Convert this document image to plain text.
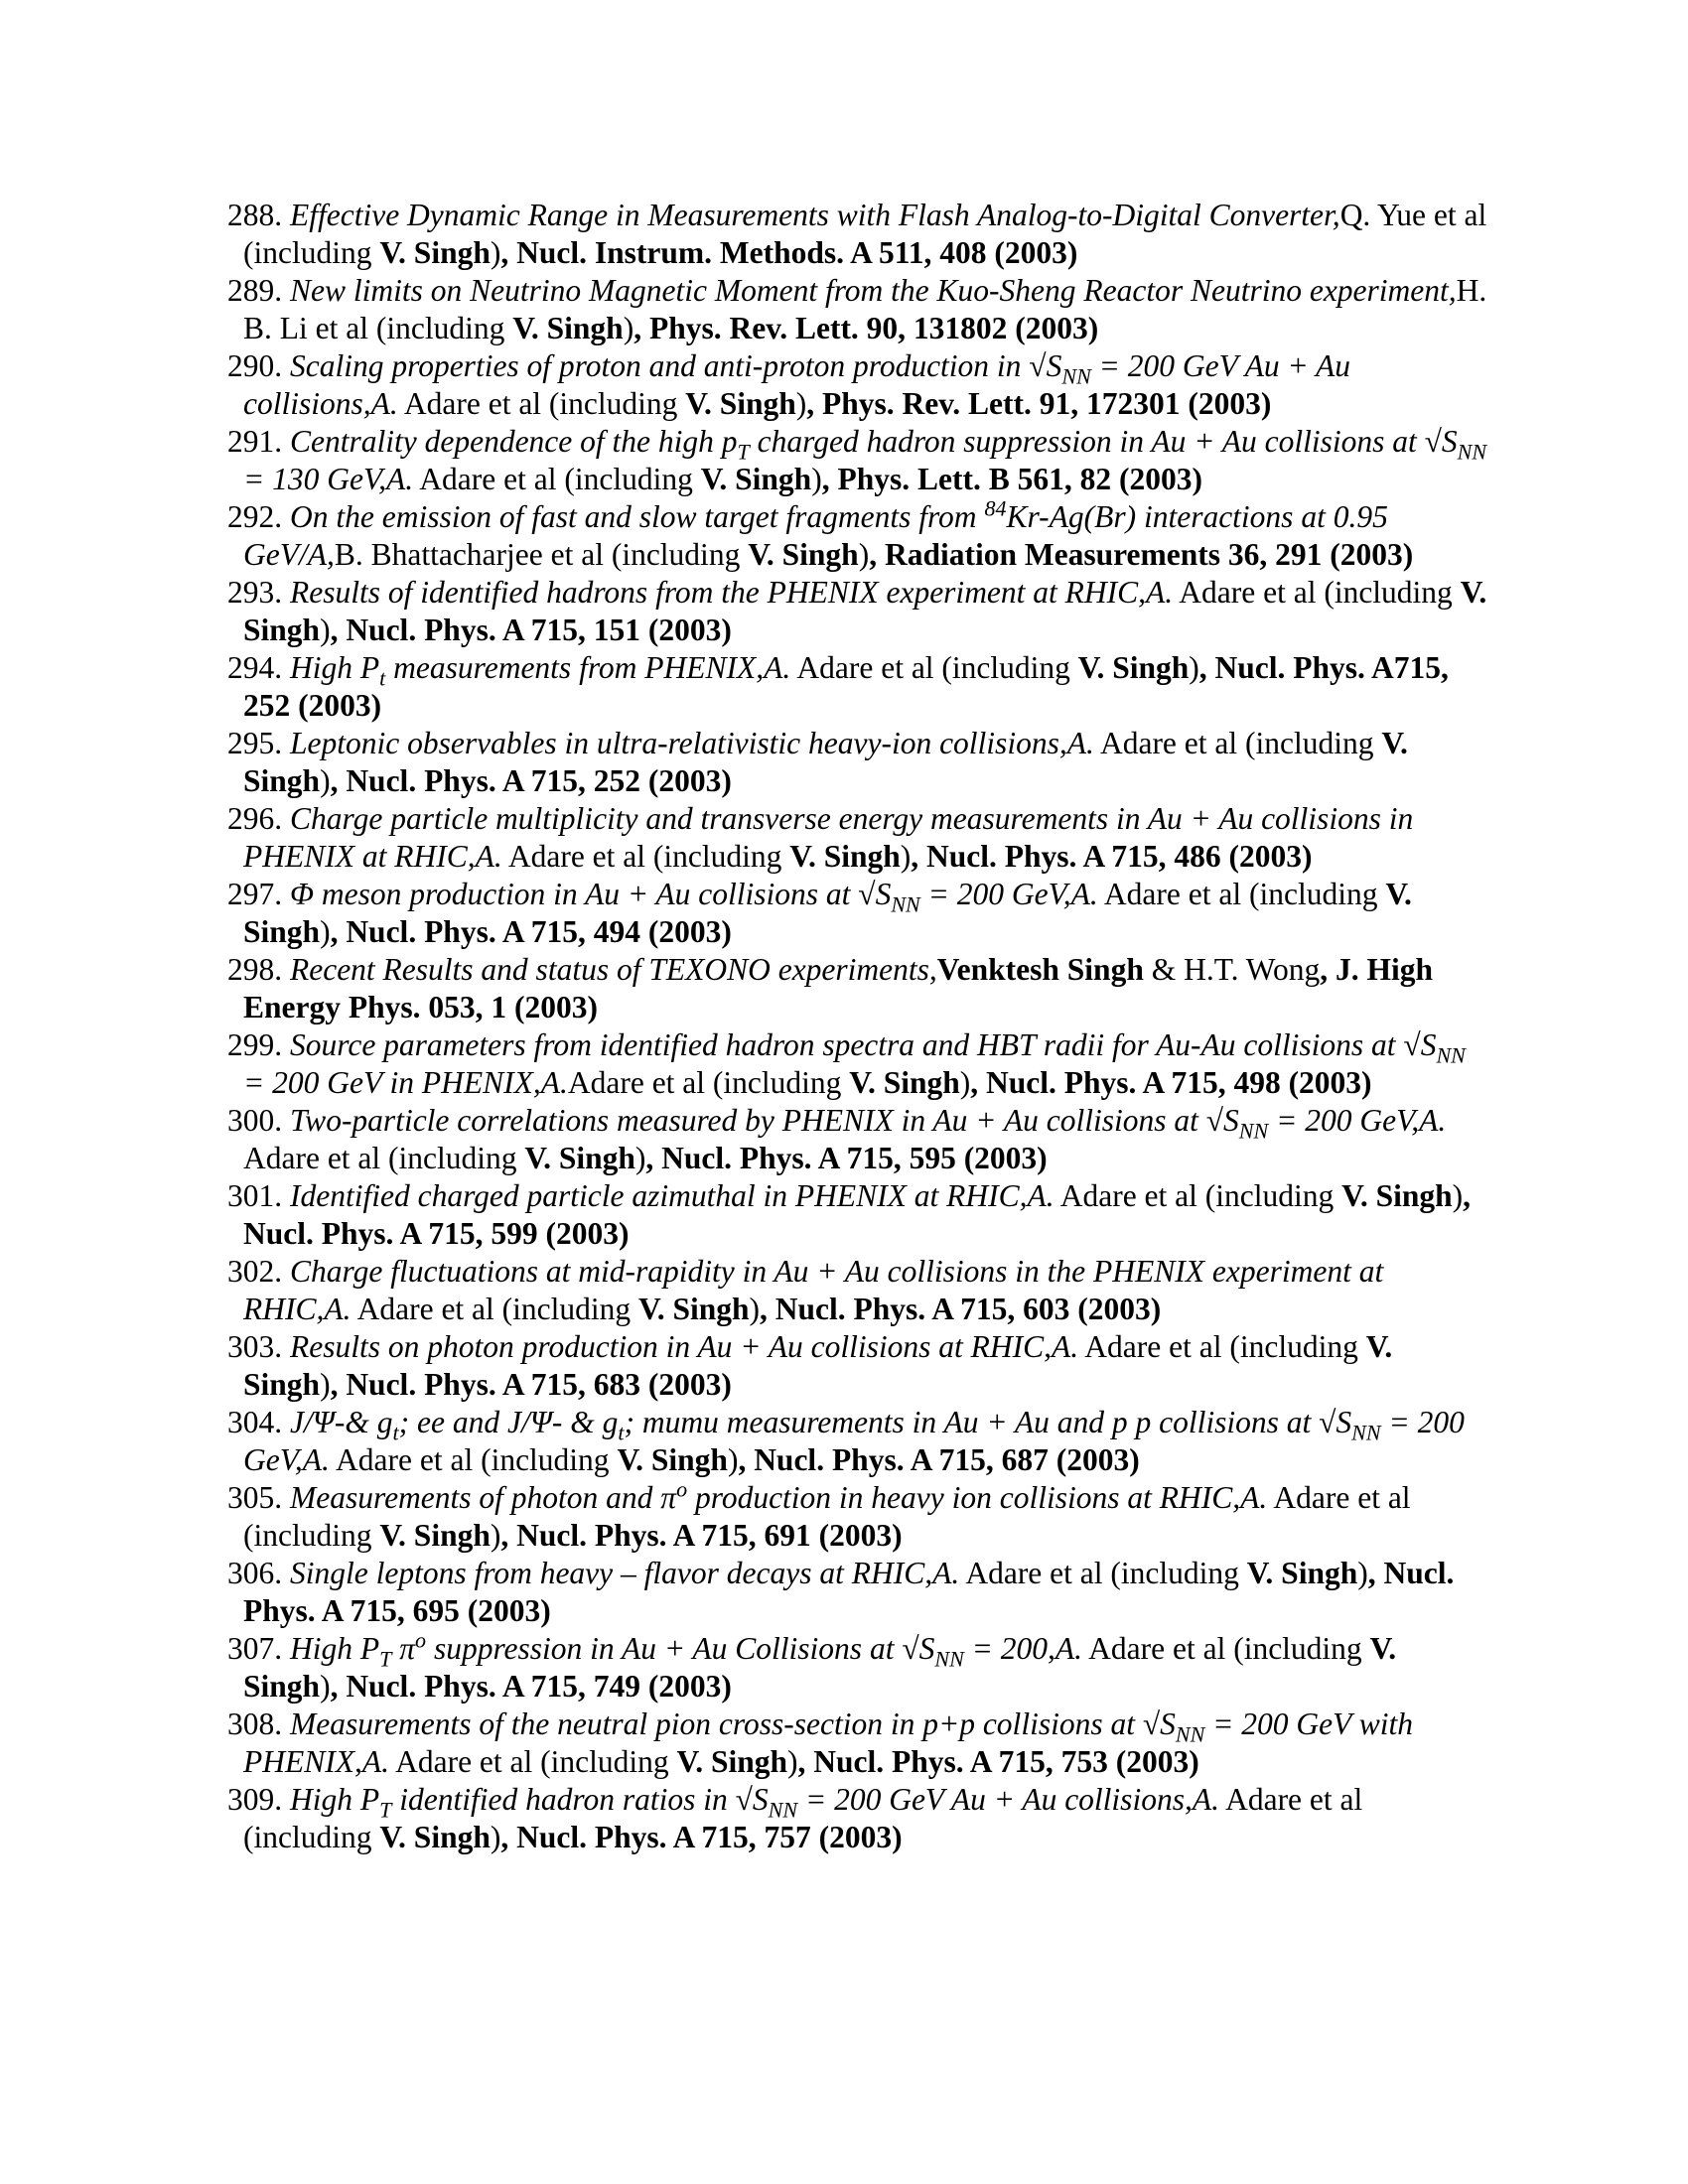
288. Effective Dynamic Range in Measurements with Flash Analog-to-Digital Converter,Q. Yue et al (including V. Singh), Nucl. Instrum. Methods. A 511, 408 (2003)

289. New limits on Neutrino Magnetic Moment from the Kuo-Sheng Reactor Neutrino experiment,H. B. Li et al (including V. Singh), Phys. Rev. Lett. 90, 131802 (2003)

290. Scaling properties of proton and anti-proton production in $√S_{NN} = 200$ GeV Au + Au collisions,A. Adare et al (including V. Singh), Phys. Rev. Lett. 91, 172301 (2003)

291. Centrality dependence of the high $p_T$ charged hadron suppression in Au + Au collisions at $√S_{NN} = 130$ GeV,A. Adare et al (including V. Singh), Phys. Lett. B 561, 82 (2003)

292. On the emission of fast and slow target fragments from $^{84}$Kr-Ag(Br) interactions at 0.95 GeV/A,B. Bhattacharjee et al (including V. Singh), Radiation Measurements 36, 291 (2003)

293. Results of identified hadrons from the PHENIX experiment at RHIC,A. Adare et al (including V. Singh), Nucl. Phys. A 715, 151 (2003)

294. High $P_t$ measurements from PHENIX,A. Adare et al (including V. Singh), Nucl. Phys. A715, 252 (2003)

295. Leptonic observables in ultra-relativistic heavy-ion collisions,A. Adare et al (including V. Singh), Nucl. Phys. A 715, 252 (2003)

296. Charge particle multiplicity and transverse energy measurements in Au + Au collisions in PHENIX at RHIC,A. Adare et al (including V. Singh), Nucl. Phys. A 715, 486 (2003)

297. Φ meson production in Au + Au collisions at $√S_{NN} = 200$ GeV,A. Adare et al (including V. Singh), Nucl. Phys. A 715, 494 (2003)

298. Recent Results and status of TEXONO experiments,Venktesh Singh & H.T. Wong, J. High Energy Phys. 053, 1 (2003)

299. Source parameters from identified hadron spectra and HBT radii for Au-Au collisions at $√S_{NN} = 200$ GeV in PHENIX,A.Adare et al (including V. Singh), Nucl. Phys. A 715, 498 (2003)

300. Two-particle correlations measured by PHENIX in Au + Au collisions at $√S_{NN} = 200$ GeV,A. Adare et al (including V. Singh), Nucl. Phys. A 715, 595 (2003)

301. Identified charged particle azimuthal in PHENIX at RHIC,A. Adare et al (including V. Singh), Nucl. Phys. A 715, 599 (2003)

302. Charge fluctuations at mid-rapidity in Au + Au collisions in the PHENIX experiment at RHIC,A. Adare et al (including V. Singh), Nucl. Phys. A 715, 603 (2003)

303. Results on photon production in Au + Au collisions at RHIC,A. Adare et al (including V. Singh), Nucl. Phys. A 715, 683 (2003)

304. J/Ψ-& $g_t$; ee and J/Ψ- & $g_t$; mumu measurements in Au + Au and p p collisions at $√S_{NN} = 200$ GeV,A. Adare et al (including V. Singh), Nucl. Phys. A 715, 687 (2003)

305. Measurements of photon and $\pi^o$ production in heavy ion collisions at RHIC,A. Adare et al (including V. Singh), Nucl. Phys. A 715, 691 (2003)

306. Single leptons from heavy – flavor decays at RHIC,A. Adare et al (including V. Singh), Nucl. Phys. A 715, 695 (2003)

307. High $P_T$ $\pi^o$ suppression in Au + Au Collisions at $√S_{NN} = 200,A$. Adare et al (including V. Singh), Nucl. Phys. A 715, 749 (2003)

308. Measurements of the neutral pion cross-section in p+p collisions at $√S_{NN} = 200$ GeV with PHENIX,A. Adare et al (including V. Singh), Nucl. Phys. A 715, 753 (2003)

309. High $P_T$ identified hadron ratios in $√S_{NN} = 200$ GeV Au + Au collisions,A. Adare et al (including V. Singh), Nucl. Phys. A 715, 757 (2003)
